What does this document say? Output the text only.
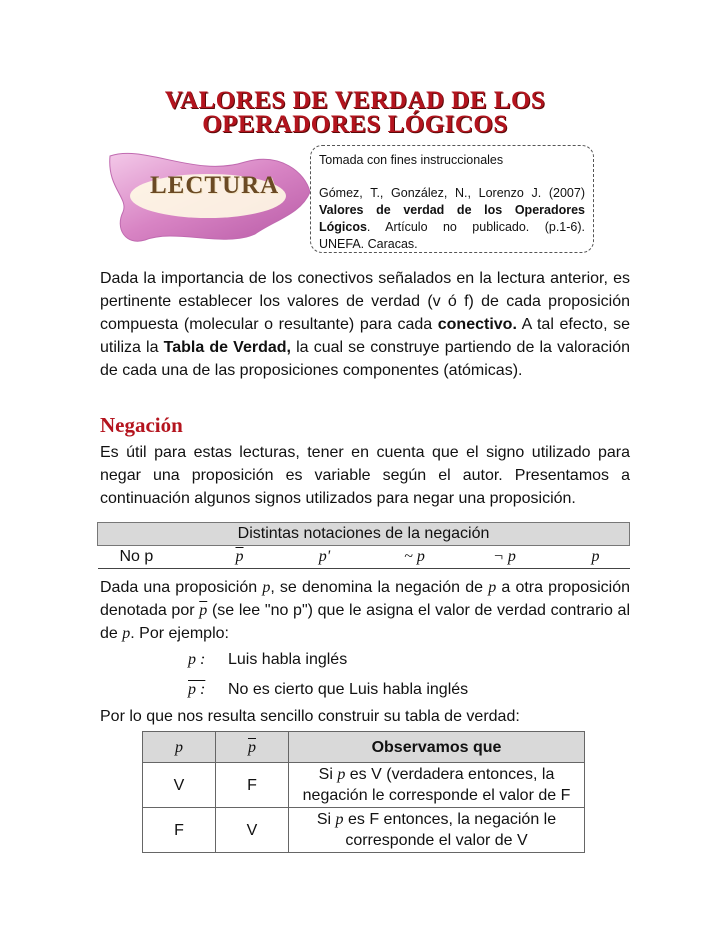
VALORES DE VERDAD DE LOS
OPERADORES LÓGICOS
LECTURA
Tomada con fines instruccionales
Gómez, T., González, N., Lorenzo J. (2007) Valores de verdad de los Operadores Lógicos. Artículo no publicado. (p.1-6). UNEFA. Caracas.
Dada la importancia de los conectivos señalados en la lectura anterior, es pertinente establecer los valores de verdad (v ó f) de cada proposición compuesta (molecular o resultante) para cada conectivo. A tal efecto, se utiliza la Tabla de Verdad, la cual se construye partiendo de la valoración de cada una de las proposiciones componentes (atómicas).
Negación
Es útil para estas lecturas, tener en cuenta que el signo utilizado para negar una proposición es variable según el autor. Presentamos a continuación algunos signos utilizados para negar una proposición.
Distintas notaciones de la negación
No p	$\overline{p}$	p'	~ p	¬ p	p
Dada una proposición p, se denomina la negación de p a otra proposición denotada por $\overline{p}$ (se lee "no p") que le asigna el valor de verdad contrario al de p. Por ejemplo:
p :	Luis habla inglés
p :	No es cierto que Luis habla inglés
Por lo que nos resulta sencillo construir su tabla de verdad:
p	$\overline{p}$	Observamos que
V	F	Si p es V (verdadera entonces, la negación le corresponde el valor de F
F	V	Si p es F entonces, la negación le corresponde el valor de V
